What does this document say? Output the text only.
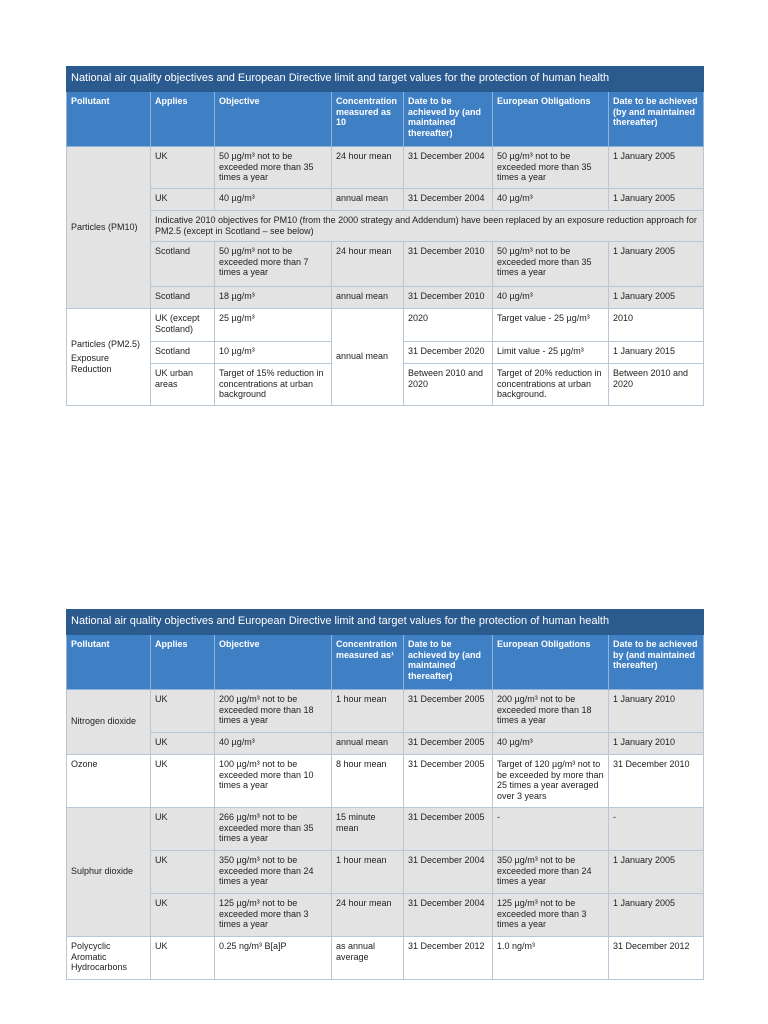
National air quality objectives and European Directive limit and target values for the protection of human health						
Pollutant	Applies	Objective	Concentration measured as 10	Date to be achieved by (and maintained thereafter)	European Obligations	Date to be achieved (by and maintained thereafter)
Particles (PM10)	UK	50 µg/m³ not to be exceeded more than 35 times a year	24 hour mean	31 December 2004	50 µg/m³ not to be exceeded more than 35 times a year	1 January 2005
	UK	40 µg/m³	annual mean	31 December 2004	40 µg/m³	1 January 2005
	Indicative 2010 objectives for PM10 (from the 2000 strategy and Addendum) have been replaced by an exposure reduction approach for PM2.5 (except in Scotland – see below)					
	Scotland	50 µg/m³ not to be exceeded more than 7 times a year	24 hour mean	31 December 2010	50 µg/m³ not to be exceeded more than 35 times a year	1 January 2005
	Scotland	18 µg/m³	annual mean	31 December 2010	40 µg/m³	1 January 2005

Particles (PM2.5)
Exposure Reduction	UK (except Scotland)	25 µg/m³	annual mean	2020	Target value - 25 µg/m³	2010
	Scotland	10 µg/m³		31 December 2020	Limit value - 25 µg/m³	1 January 2015
	UK urban areas	Target of 15% reduction in concentrations at urban background		Between 2010 and 2020	Target of 20% reduction in concentrations at urban background.	Between 2010 and 2020
National air quality objectives and European Directive limit and target values for the protection of human health						
Pollutant	Applies	Objective	Concentration measured as¹	Date to be achieved by (and maintained thereafter)	European Obligations	Date to be achieved by (and maintained thereafter)
Nitrogen dioxide	UK	200 µg/m³ not to be exceeded more than 18 times a year	1 hour mean	31 December 2005	200 µg/m³ not to be exceeded more than 18 times a year	1 January 2010
	UK	40 µg/m³	annual mean	31 December 2005	40 µg/m³	1 January 2010
Ozone	UK	100 µg/m³ not to be exceeded more than 10 times a year	8 hour mean	31 December 2005	Target of 120 µg/m³ not to be exceeded by more than 25 times a year averaged over 3 years	31 December 2010
Sulphur dioxide	UK	266 µg/m³ not to be exceeded more than 35 times a year	15 minute mean	31 December 2005	-	-
	UK	350 µg/m³ not to be exceeded more than 24 times a year	1 hour mean	31 December 2004	350 µg/m³ not to be exceeded more than 24 times a year	1 January 2005
	UK	125 µg/m³ not to be exceeded more than 3 times a year	24 hour mean	31 December 2004	125 µg/m³ not to be exceeded more than 3 times a year	1 January 2005
Polycyclic Aromatic Hydrocarbons	UK	0.25 ng/m³ B[a]P	as annual average	31 December 2012	1.0 ng/m³	31 December 2012
